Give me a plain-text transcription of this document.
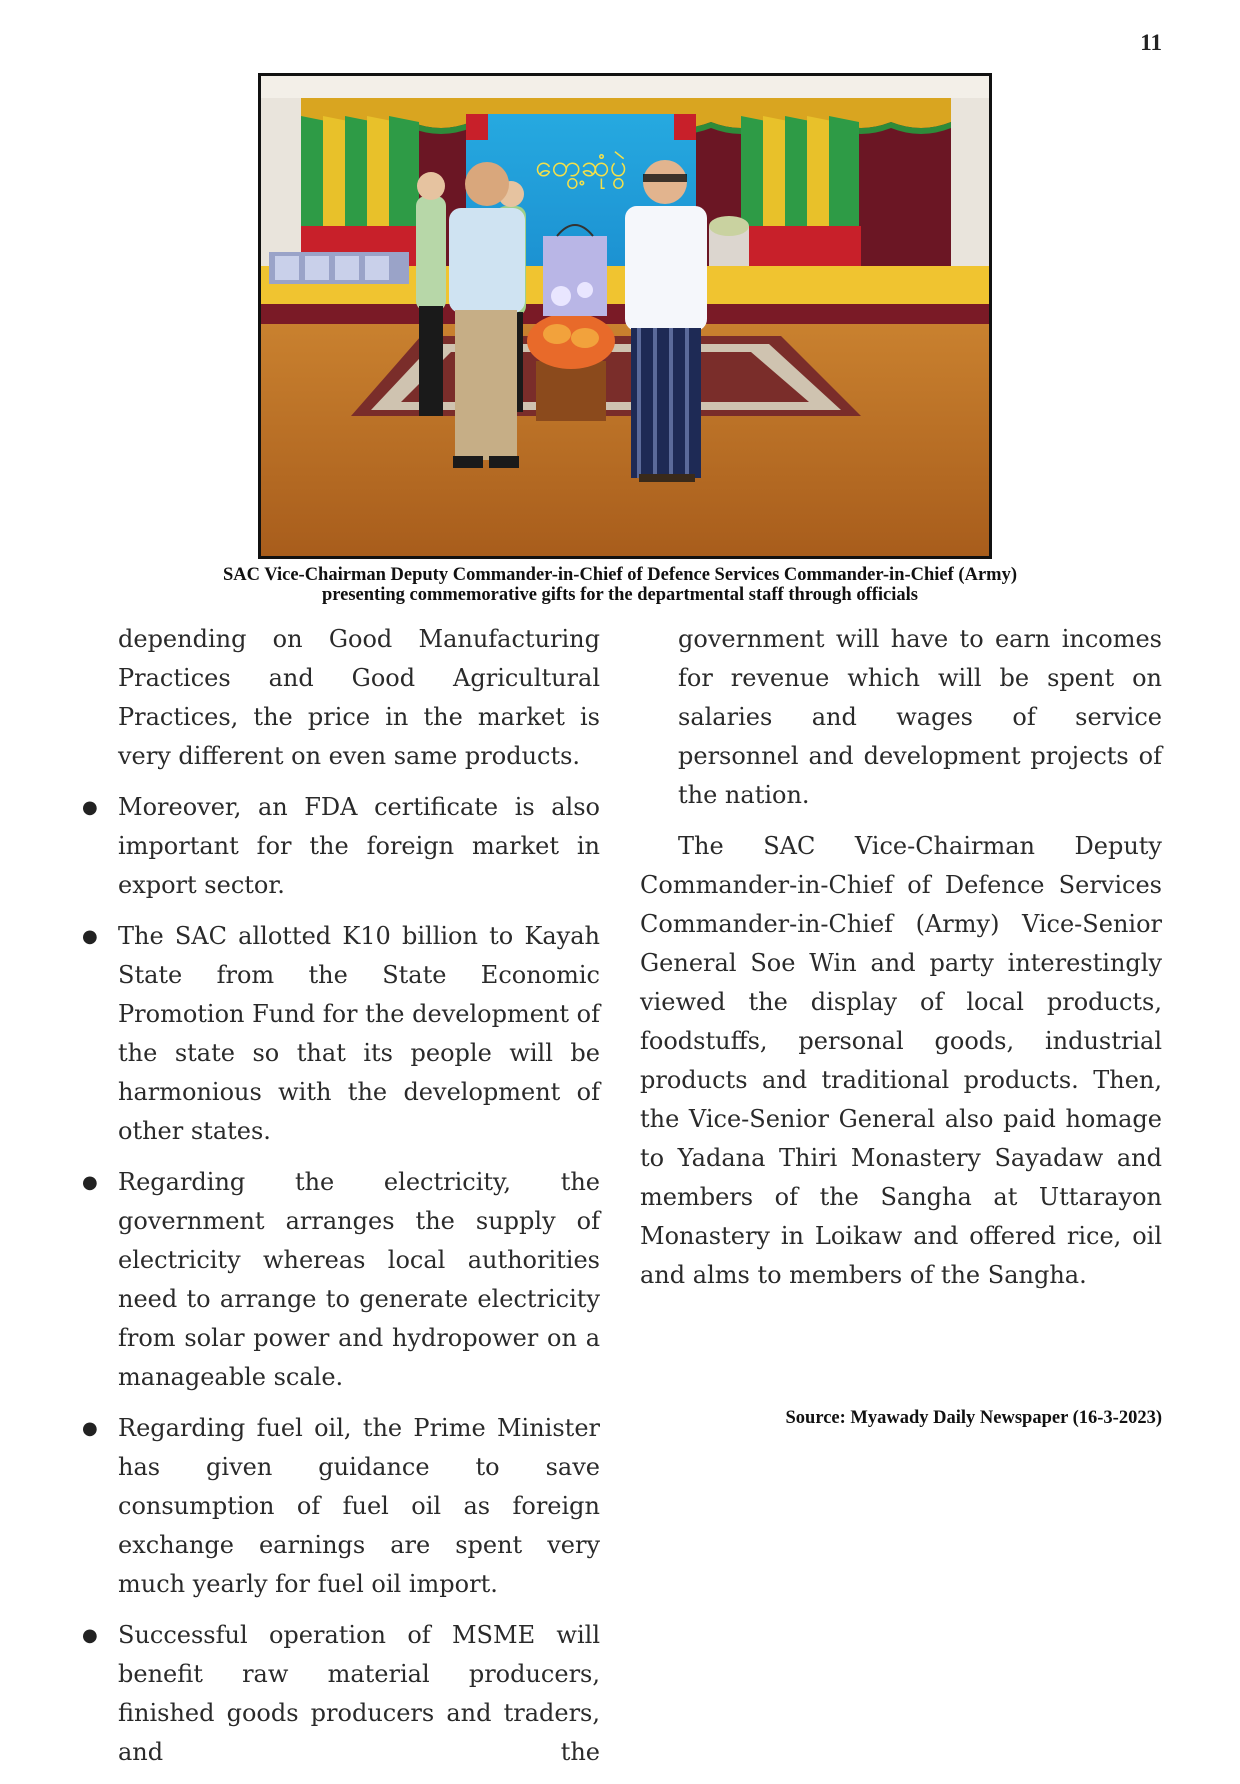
11
တွေ့ဆုံပွဲ
SAC Vice-Chairman Deputy Commander-in-Chief of Defence Services Commander-in-Chief (Army)
presenting commemorative gifts for the departmental staff through officials

depending on Good Manufacturing Practices and Good Agricultural Practices, the price in the market is very different on even same products.

● Moreover, an FDA certificate is also important for the foreign market in export sector.
● The SAC allotted K10 billion to Kayah State from the State Economic Promotion Fund for the development of the state so that its people will be harmonious with the development of other states.
● Regarding the electricity, the government arranges the supply of electricity whereas local authorities need to arrange to generate electricity from solar power and hydropower on a manageable scale.
● Regarding fuel oil, the Prime Minister has given guidance to save consumption of fuel oil as foreign exchange earnings are spent very much yearly for fuel oil import.
● Successful operation of MSME will benefit raw material producers, finished goods producers and traders, and the

government will have to earn incomes for revenue which will be spent on salaries and wages of service personnel and development projects of the nation.

The SAC Vice-Chairman Deputy Commander-in-Chief of Defence Services Commander-in-Chief (Army) Vice-Senior General Soe Win and party interestingly viewed the display of local products, foodstuffs, personal goods, industrial products and traditional products. Then, the Vice-Senior General also paid homage to Yadana Thiri Monastery Sayadaw and members of the Sangha at Uttarayon Monastery in Loikaw and offered rice, oil and alms to members of the Sangha.

Source: Myawady Daily Newspaper (16-3-2023)
